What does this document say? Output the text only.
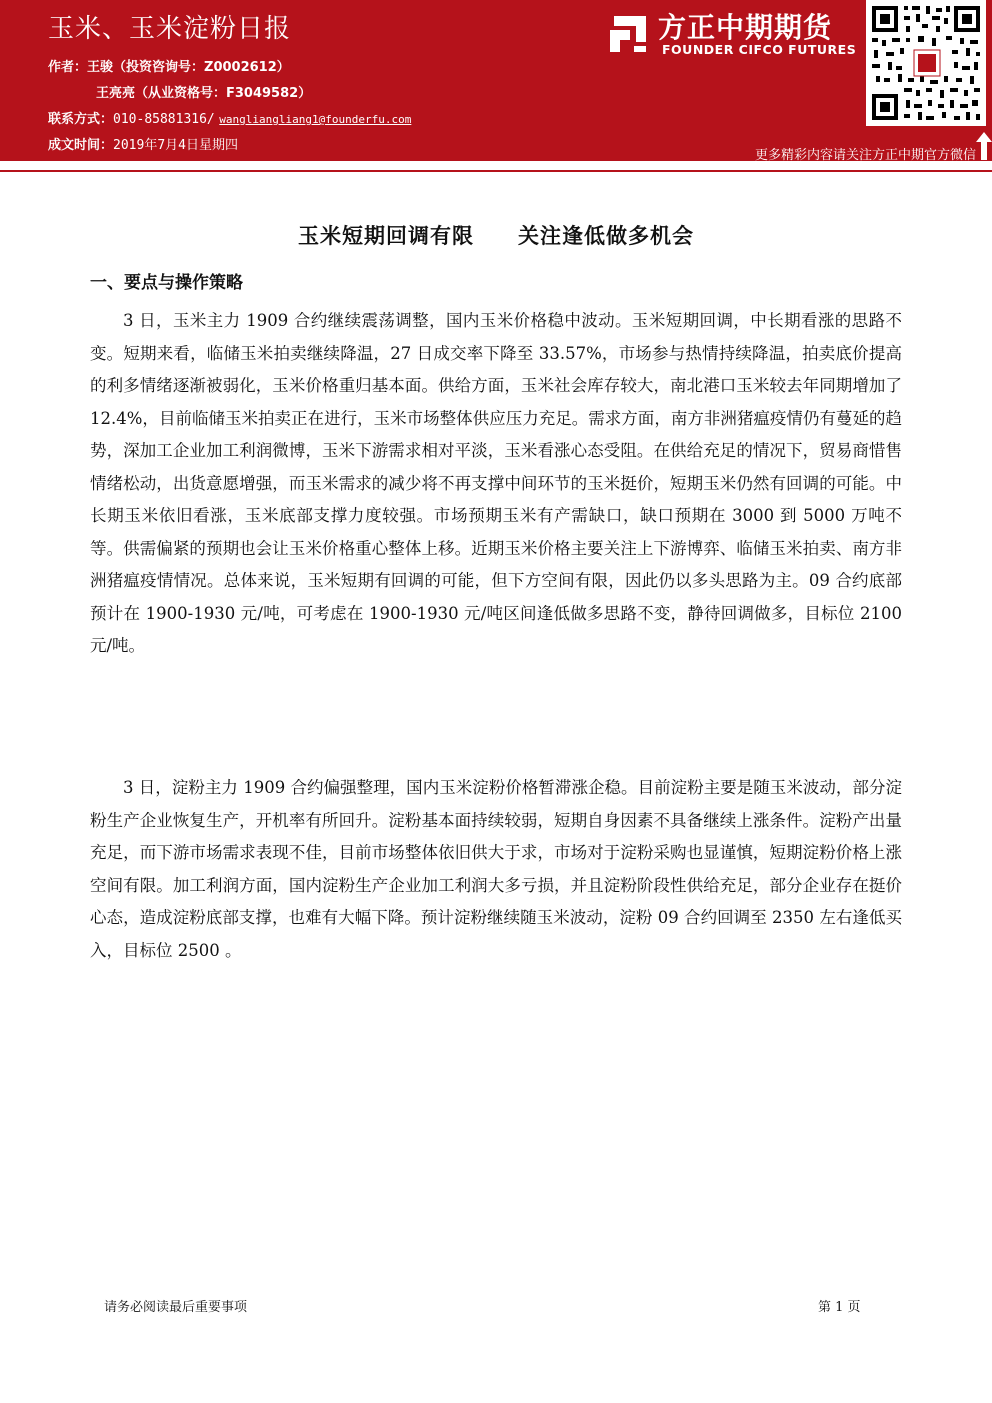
玉米、玉米淀粉日报
作者：王骏（投资咨询号：Z0002612）
王亮亮（从业资格号：F3049582）
联系方式：010-85881316/ wangliangliang1@founderfu.com
成文时间：2019年7月4日星期四
方正中期期货
FOUNDER CIFCO FUTURES
更多精彩内容请关注方正中期官方微信
玉米短期回调有限　　关注逢低做多机会
一、要点与操作策略
3 日，玉米主力 1909 合约继续震荡调整，国内玉米价格稳中波动。玉米短期回调，中长期看涨的思路不变。短期来看，临储玉米拍卖继续降温，27 日成交率下降至 33.57%，市场参与热情持续降温，拍卖底价提高的利多情绪逐渐被弱化，玉米价格重归基本面。供给方面，玉米社会库存较大，南北港口玉米较去年同期增加了 12.4%，目前临储玉米拍卖正在进行，玉米市场整体供应压力充足。需求方面，南方非洲猪瘟疫情仍有蔓延的趋势，深加工企业加工利润微博，玉米下游需求相对平淡，玉米看涨心态受阻。在供给充足的情况下，贸易商惜售情绪松动，出货意愿增强，而玉米需求的减少将不再支撑中间环节的玉米挺价，短期玉米仍然有回调的可能。中长期玉米依旧看涨，玉米底部支撑力度较强。市场预期玉米有产需缺口，缺口预期在 3000 到 5000 万吨不等。供需偏紧的预期也会让玉米价格重心整体上移。近期玉米价格主要关注上下游博弈、临储玉米拍卖、南方非洲猪瘟疫情情况。总体来说，玉米短期有回调的可能，但下方空间有限，因此仍以多头思路为主。09 合约底部预计在 1900-1930 元/吨，可考虑在 1900-1930 元/吨区间逢低做多思路不变，静待回调做多，目标位 2100 元/吨。
3 日，淀粉主力 1909 合约偏强整理，国内玉米淀粉价格暂滞涨企稳。目前淀粉主要是随玉米波动，部分淀粉生产企业恢复生产，开机率有所回升。淀粉基本面持续较弱，短期自身因素不具备继续上涨条件。淀粉产出量充足，而下游市场需求表现不佳，目前市场整体依旧供大于求，市场对于淀粉采购也显谨慎，短期淀粉价格上涨空间有限。加工利润方面，国内淀粉生产企业加工利润大多亏损，并且淀粉阶段性供给充足，部分企业存在挺价心态，造成淀粉底部支撑，也难有大幅下降。预计淀粉继续随玉米波动，淀粉 09 合约回调至 2350 左右逢低买入，目标位 2500 。
请务必阅读最后重要事项	第 1 页
